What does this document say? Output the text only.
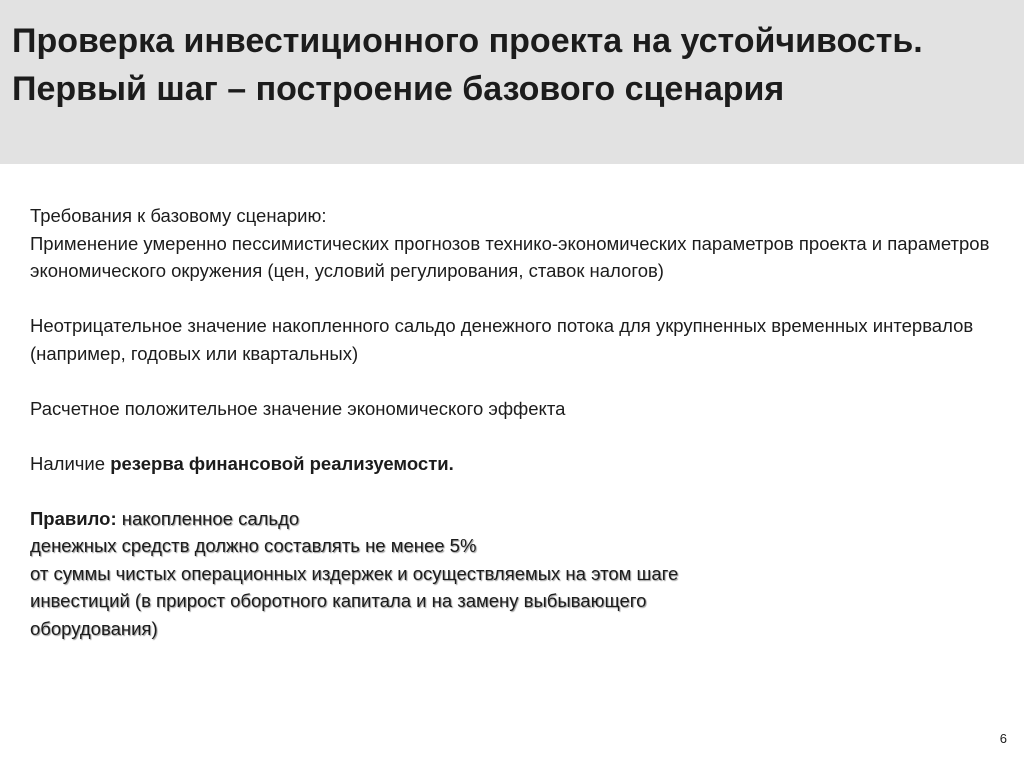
Проверка инвестиционного проекта на устойчивость. Первый шаг – построение базового сценария

Требования к базовому сценарию:

Применение умеренно пессимистических прогнозов технико-экономических параметров проекта и параметров экономического окружения (цен, условий регулирования, ставок налогов)

Неотрицательное значение накопленного сальдо денежного потока для укрупненных временных интервалов (например, годовых или квартальных)

Расчетное положительное значение экономического эффекта

Наличие резерва финансовой реализуемости.

Правило: накопленное сальдо
денежных средств должно составлять не менее 5%
от суммы чистых операционных издержек и осуществляемых на этом шаге
инвестиций (в прирост оборотного капитала и на замену выбывающего
оборудования)

6
